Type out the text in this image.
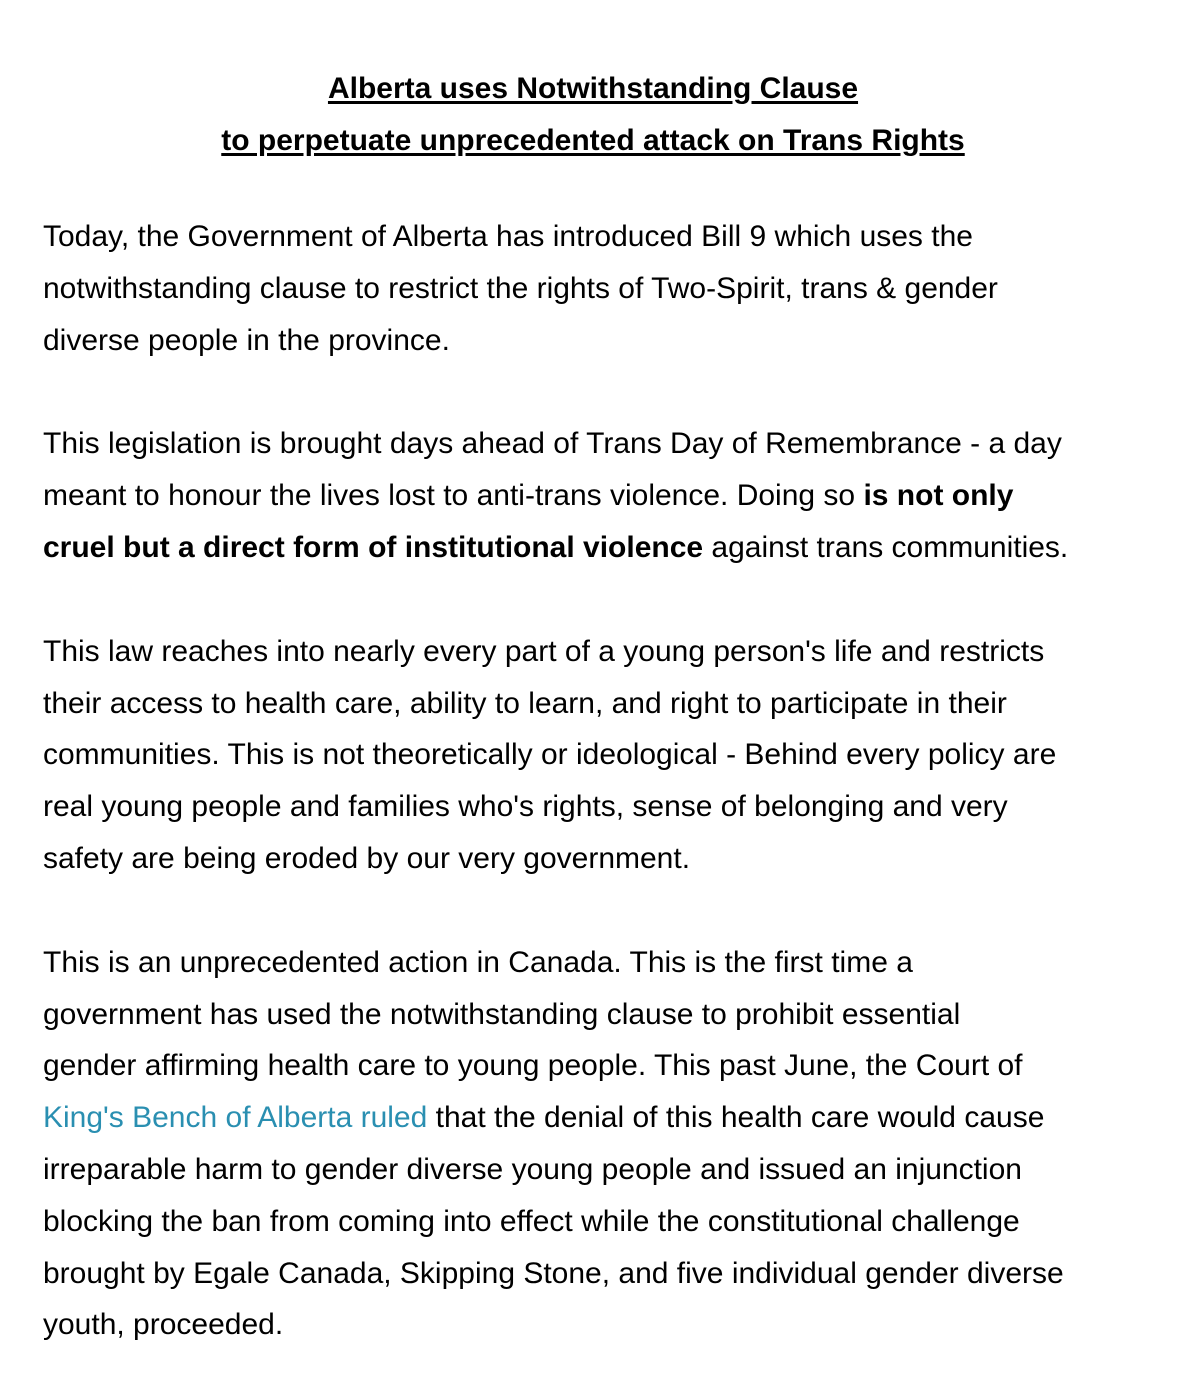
Alberta uses Notwithstanding Clause
to perpetuate unprecedented attack on Trans Rights

Today, the Government of Alberta has introduced Bill 9 which uses the
notwithstanding clause to restrict the rights of Two-Spirit, trans & gender
diverse people in the province.

This legislation is brought days ahead of Trans Day of Remembrance - a day
meant to honour the lives lost to anti-trans violence. Doing so is not only
cruel but a direct form of institutional violence against trans communities.

This law reaches into nearly every part of a young person's life and restricts
their access to health care, ability to learn, and right to participate in their
communities. This is not theoretically or ideological - Behind every policy are
real young people and families who's rights, sense of belonging and very
safety are being eroded by our very government.

This is an unprecedented action in Canada. This is the first time a
government has used the notwithstanding clause to prohibit essential
gender affirming health care to young people. This past June, the Court of
King's Bench of Alberta ruled that the denial of this health care would cause
irreparable harm to gender diverse young people and issued an injunction
blocking the ban from coming into effect while the constitutional challenge
brought by Egale Canada, Skipping Stone, and five individual gender diverse
youth, proceeded.
